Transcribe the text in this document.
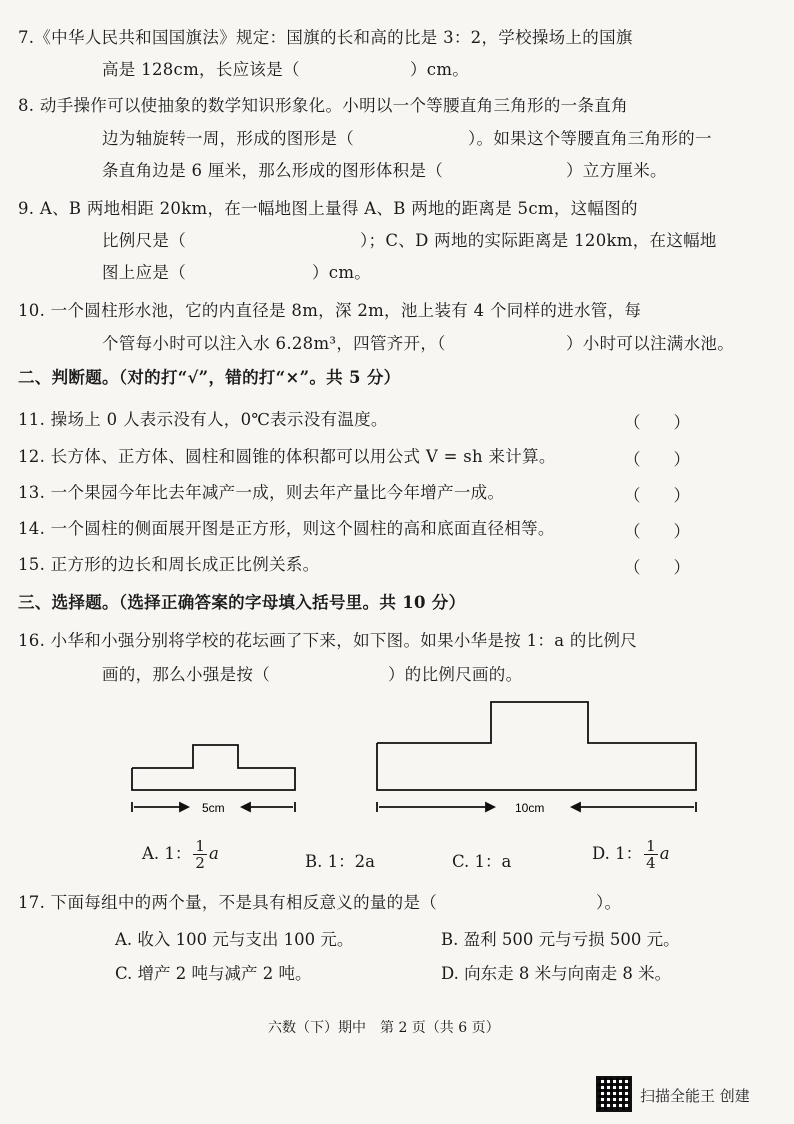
7.《中华人民共和国国旗法》规定：国旗的长和高的比是 3：2，学校操场上的国旗
高是 128cm，长应该是（	）cm。
8. 动手操作可以使抽象的数学知识形象化。小明以一个等腰直角三角形的一条直角
边为轴旋转一周，形成的图形是（	）。如果这个等腰直角三角形的一
条直角边是 6 厘米，那么形成的图形体积是（	）立方厘米。
9. A、B 两地相距 20km，在一幅地图上量得 A、B 两地的距离是 5cm，这幅图的
比例尺是（	）；C、D 两地的实际距离是 120km，在这幅地
图上应是（	）cm。
10. 一个圆柱形水池，它的内直径是 8m，深 2m，池上装有 4 个同样的进水管，每
个管每小时可以注入水 6.28m³，四管齐开，（	）小时可以注满水池。
二、判断题。（对的打“√”，错的打“×”。共 5 分）
11. 操场上 0 人表示没有人，0℃表示没有温度。	（　　）
12. 长方体、正方体、圆柱和圆锥的体积都可以用公式 V = sh 来计算。	（　　）
13. 一个果园今年比去年减产一成，则去年产量比今年增产一成。	（　　）
14. 一个圆柱的侧面展开图是正方形，则这个圆柱的高和底面直径相等。	（　　）
15. 正方形的边长和周长成正比例关系。	（　　）
三、选择题。（选择正确答案的字母填入括号里。共 10 分）
16. 小华和小强分别将学校的花坛画了下来，如下图。如果小华是按 1：a 的比例尺
画的，那么小强是按（	）的比例尺画的。
5cm	10cm
A. 1： $\frac{1}{2}$ a	B. 1：2a	C. 1：a	D. 1： $\frac{1}{4}$ a
17. 下面每组中的两个量，不是具有相反意义的量的是（	）。
A. 收入 100 元与支出 100 元。	B. 盈利 500 元与亏损 500 元。
C. 增产 2 吨与减产 2 吨。	D. 向东走 8 米与向南走 8 米。
六数（下）期中　第 2 页（共 6 页）
扫描全能王 创建
